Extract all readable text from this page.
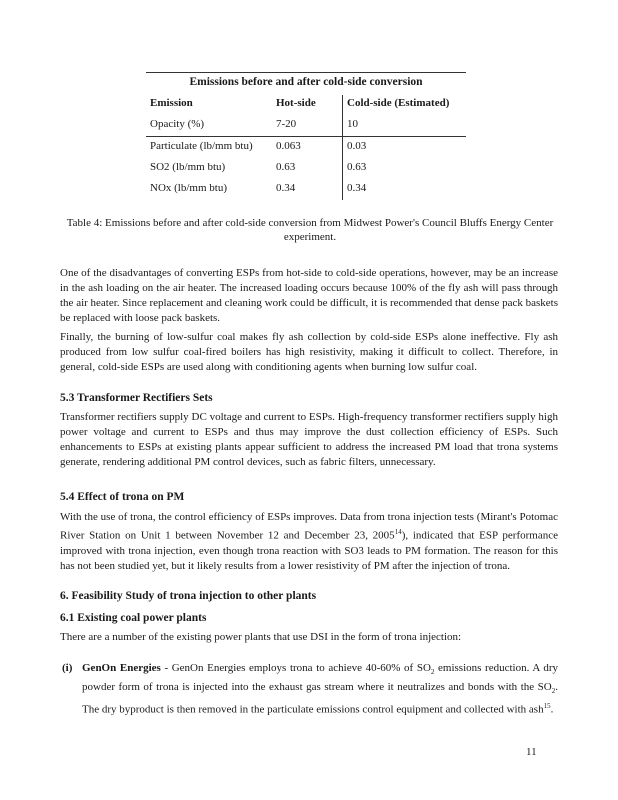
Emissions before and after cold-side conversion
Emission	Hot-side	Cold-side (Estimated)
Opacity (%)	7-20	10
Particulate (lb/mm btu)	0.063	0.03
SO2 (lb/mm btu)	0.63	0.63
NOx (lb/mm btu)	0.34	0.34
Table 4: Emissions before and after cold-side conversion from Midwest Power's Council Bluffs Energy Center experiment.

One of the disadvantages of converting ESPs from hot-side to cold-side operations, however, may be an increase in the ash loading on the air heater. The increased loading occurs because 100% of the fly ash will pass through the air heater. Since replacement and cleaning work could be difficult, it is recommended that dense pack baskets be replaced with loose pack baskets.

Finally, the burning of low-sulfur coal makes fly ash collection by cold-side ESPs alone ineffective. Fly ash produced from low sulfur coal-fired boilers has high resistivity, making it difficult to collect. Therefore, in general, cold-side ESPs are used along with conditioning agents when burning low sulfur coal.

5.3 Transformer Rectifiers Sets

Transformer rectifiers supply DC voltage and current to ESPs. High-frequency transformer rectifiers supply high power voltage and current to ESPs and thus may improve the dust collection efficiency of ESPs. Such enhancements to ESPs at existing plants appear sufficient to address the increased PM load that trona systems generate, rendering additional PM control devices, such as fabric filters, unnecessary.

5.4 Effect of trona on PM

With the use of trona, the control efficiency of ESPs improves. Data from trona injection tests (Mirant's Potomac River Station on Unit 1 between November 12 and December 23, 2005$^{14}$), indicated that ESP performance improved with trona injection, even though trona reaction with SO3 leads to PM formation. The reason for this has not been studied yet, but it likely results from a lower resistivity of PM after the injection of trona.

6. Feasibility Study of trona injection to other plants
6.1 Existing coal power plants

There are a number of the existing power plants that use DSI in the form of trona injection:

(i) GenOn Energies - GenOn Energies employs trona to achieve 40-60% of $SO_2$ emissions reduction. A dry powder form of trona is injected into the exhaust gas stream where it neutralizes and bonds with the $SO_2$. The dry byproduct is then removed in the particulate emissions control equipment and collected with ash$^{15}$.
11
